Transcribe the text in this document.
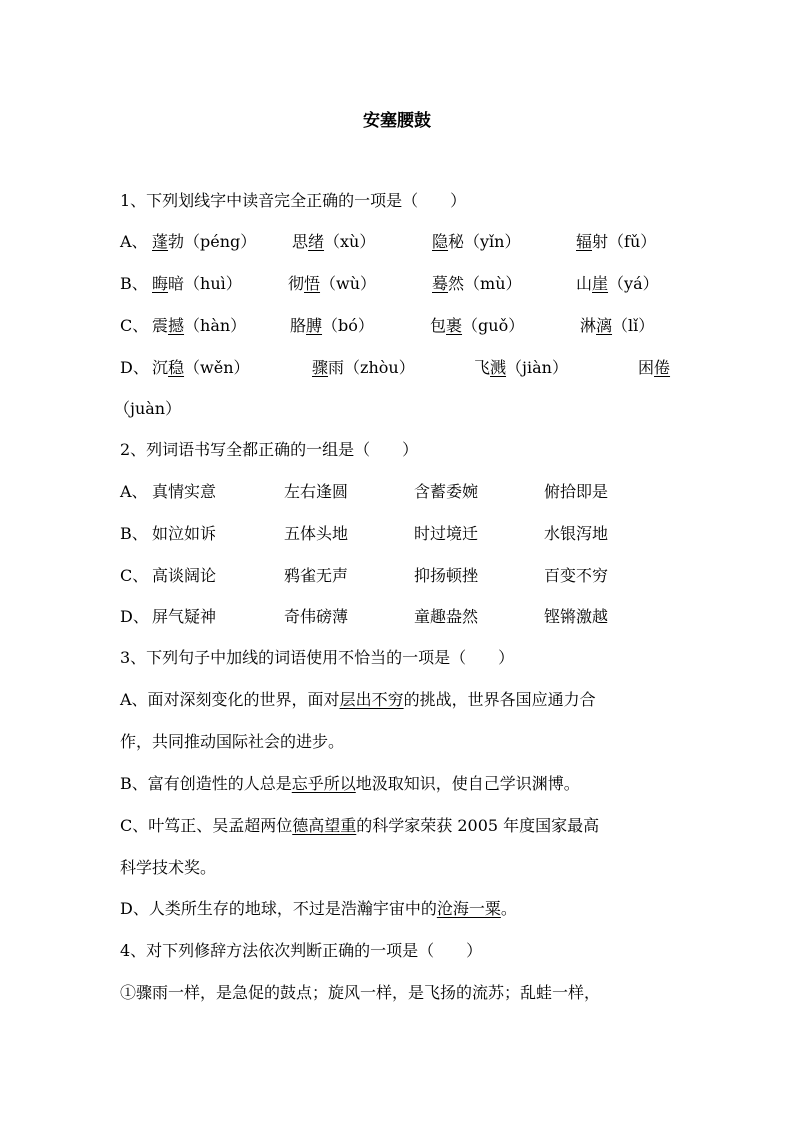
安塞腰鼓
1、下列划线字中读音完全正确的一项是（　　）
A、 蓬勃（péng） 思绪（xù）	隐秘（yǐn）	辐射（fǔ）
B、 晦暗（huì）	彻悟（wù）	蓦然（mù）	山崖（yá）
C、 震撼（hàn）	胳膊（bó）	包裹（guǒ）	淋漓（lǐ）
D、 沉稳（wěn）	骤雨（zhòu）	飞溅（jiàn）	困倦
（juàn）
2、列词语书写全都正确的一组是（　　）
A、 真情实意	左右逢圆	含蓄委婉	俯拾即是
B、 如泣如诉	五体头地	时过境迁	水银泻地
C、 高谈阔论	鸦雀无声	抑扬顿挫	百变不穷
D、 屏气疑神	奇伟磅薄	童趣盎然	铿锵激越
3、下列句子中加线的词语使用不恰当的一项是（　　）
A、面对深刻变化的世界，面对层出不穷的挑战，世界各国应通力合
作，共同推动国际社会的进步。
B、富有创造性的人总是忘乎所以地汲取知识，使自己学识渊博。
C、叶笃正、吴孟超两位德高望重的科学家荣获 2005 年度国家最高
科学技术奖。
D、人类所生存的地球，不过是浩瀚宇宙中的沧海一粟。
4、对下列修辞方法依次判断正确的一项是（　　）
①骤雨一样，是急促的鼓点；旋风一样，是飞扬的流苏；乱蛙一样，
